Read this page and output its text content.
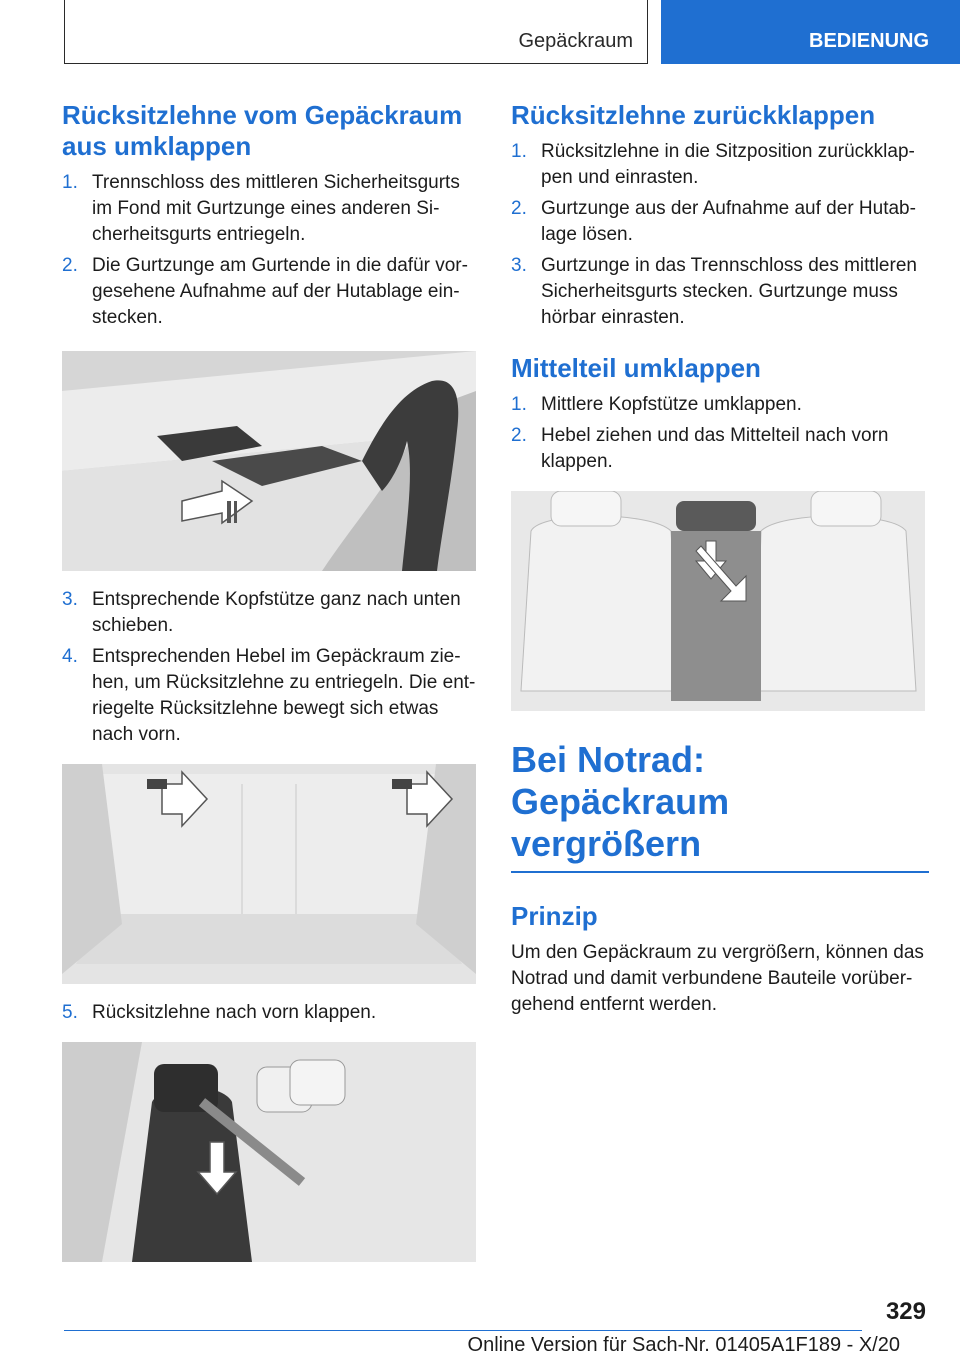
Gepäckraum	BEDIENUNG
Rücksitzlehne vom Gepäckraum aus umklappen
1. Trennschloss des mittleren Sicherheitsgurts im Fond mit Gurtzunge eines anderen Si-cherheitsgurts entriegeln.
2. Die Gurtzunge am Gurtende in die dafür vor-gesehene Aufnahme auf der Hutablage ein-stecken.
3. Entsprechende Kopfstütze ganz nach unten schieben.
4. Entsprechenden Hebel im Gepäckraum zie-hen, um Rücksitzlehne zu entriegeln. Die ent-riegelte Rücksitzlehne bewegt sich etwas nach vorn.
5. Rücksitzlehne nach vorn klappen.
Rücksitzlehne zurückklappen
1. Rücksitzlehne in die Sitzposition zurückklap-pen und einrasten.
2. Gurtzunge aus der Aufnahme auf der Hutab-lage lösen.
3. Gurtzunge in das Trennschloss des mittleren Sicherheitsgurts stecken. Gurtzunge muss hörbar einrasten.
Mittelteil umklappen
1. Mittlere Kopfstütze umklappen.
2. Hebel ziehen und das Mittelteil nach vorn klappen.
Bei Notrad: Gepäckraum vergrößern
Prinzip

Um den Gepäckraum zu vergrößern, können das Notrad und damit verbundene Bauteile vorüber-gehend entfernt werden.

329
Online Version für Sach-Nr. 01405A1F189 - X/20
